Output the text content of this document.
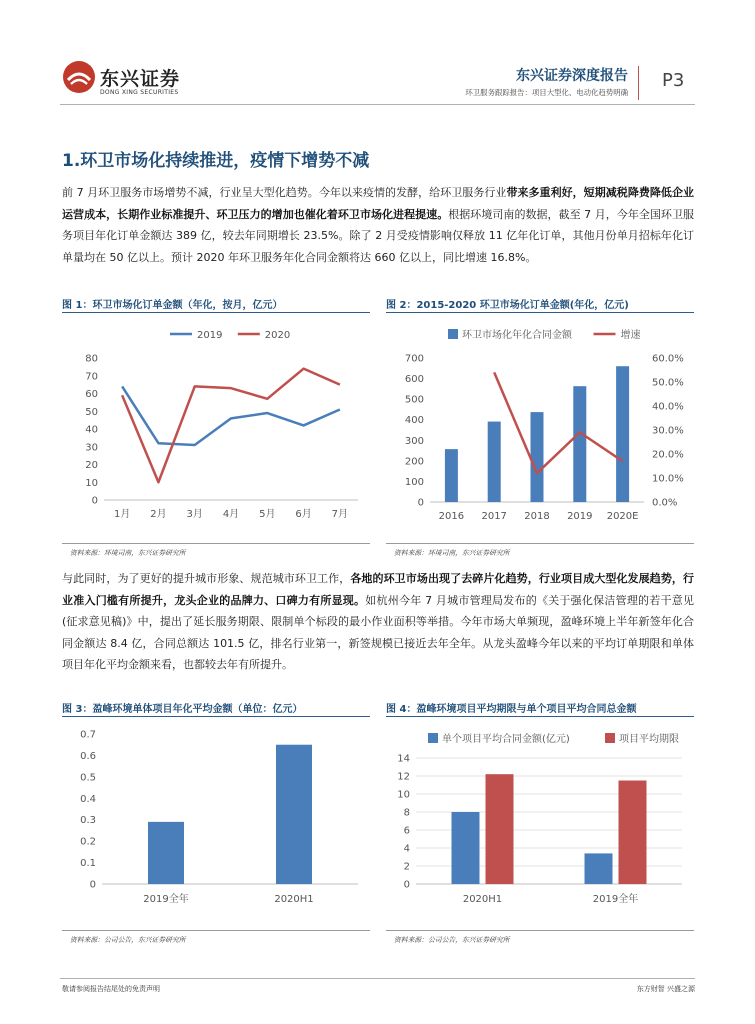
东兴证券
DONG XING SECURITIES
东兴证券深度报告
环卫服务跟踪报告：项目大型化、电动化趋势明确
P3
1.环卫市场化持续推进，疫情下增势不减
前 7 月环卫服务市场增势不减，行业呈大型化趋势。今年以来疫情的发酵，给环卫服务行业带来多重利好，短期减税降费降低企业运营成本，长期作业标准提升、环卫压力的增加也催化着环卫市场化进程提速。根据环境司南的数据，截至 7 月，今年全国环卫服务项目年化订单金额达 389 亿，较去年同期增长 23.5%。除了 2 月受疫情影响仅释放 11 亿年化订单，其他月份单月招标年化订单量均在 50 亿以上。预计 2020 年环卫服务年化合同金额将达 660 亿以上，同比增速 16.8%。
图 1：环卫市场化订单金额（年化，按月，亿元）
2019	2020
0
10
20
30
40
50
60
70
80
1月 2月 3月 4月 5月 6月 7月
资料来源：环境司南，东兴证券研究所
图 2：2015-2020 环卫市场化订单金额(年化，亿元)
环卫市场化年化合同金额	增速
0
100
200
300
400
500
600
700
0.0%
10.0%
20.0%
30.0%
40.0%
50.0%
60.0%
2016 2017 2018 2019 2020E
资料来源：环境司南，东兴证券研究所
与此同时，为了更好的提升城市形象、规范城市环卫工作，各地的环卫市场出现了去碎片化趋势，行业项目成大型化发展趋势，行业准入门槛有所提升，龙头企业的品牌力、口碑力有所显现。如杭州今年 7 月城市管理局发布的《关于强化保洁管理的若干意见(征求意见稿)》中，提出了延长服务期限、限制单个标段的最小作业面积等举措。今年市场大单频现，盈峰环境上半年新签年化合同金额达 8.4 亿，合同总额达 101.5 亿，排名行业第一，新签规模已接近去年全年。从龙头盈峰今年以来的平均订单期限和单体项目年化平均金额来看，也都较去年有所提升。
图 3：盈峰环境单体项目年化平均金额（单位：亿元）
0
0.1
0.2
0.3
0.4
0.5
0.6
0.7
2019全年	2020H1
资料来源：公司公告，东兴证券研究所
图 4：盈峰环境项目平均期限与单个项目平均合同总金额
单个项目平均合同金额(亿元)	项目平均期限
0
2
4
6
8
10
12
14
2020H1	2019全年
资料来源：公司公告，东兴证券研究所
敬请参阅报告结尾处的免责声明	东方财智 兴盛之源
